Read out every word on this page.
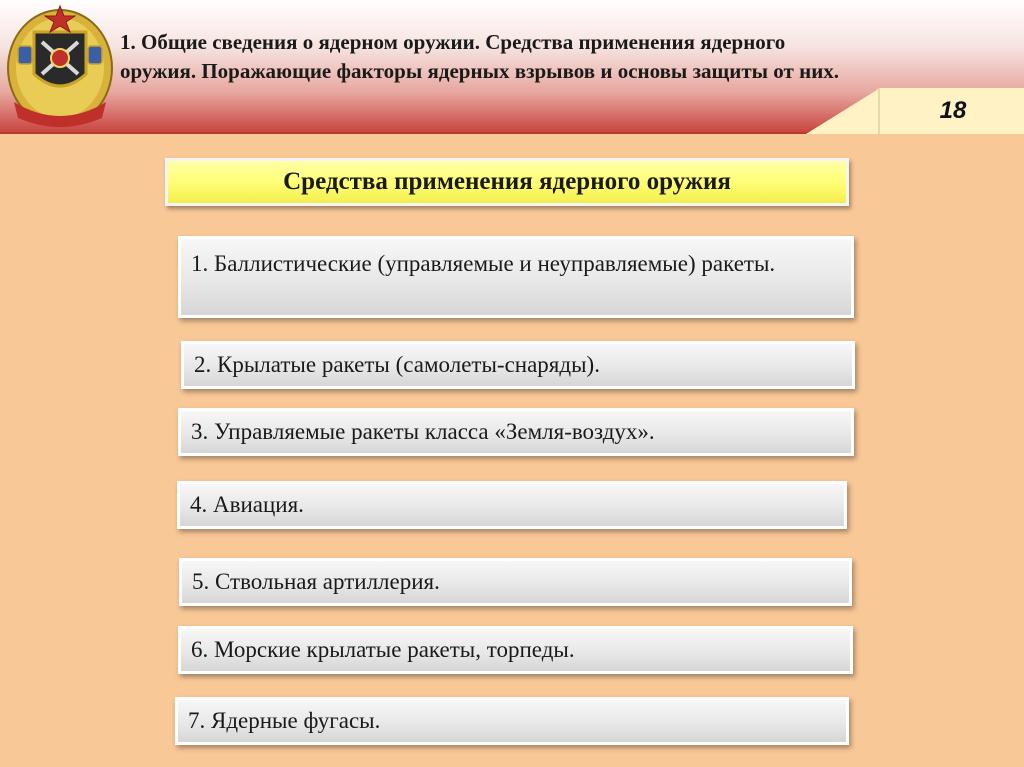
1. Общие сведения о ядерном оружии. Средства применения ядерного оружия. Поражающие факторы ядерных взрывов и основы защиты от них.
18
Средства применения ядерного оружия
1. Баллистические (управляемые и неуправляемые) ракеты.
2. Крылатые ракеты (самолеты-снаряды).
3. Управляемые ракеты класса «Земля-воздух».
4. Авиация.
5. Ствольная артиллерия.
6. Морские крылатые ракеты, торпеды.
7. Ядерные фугасы.
